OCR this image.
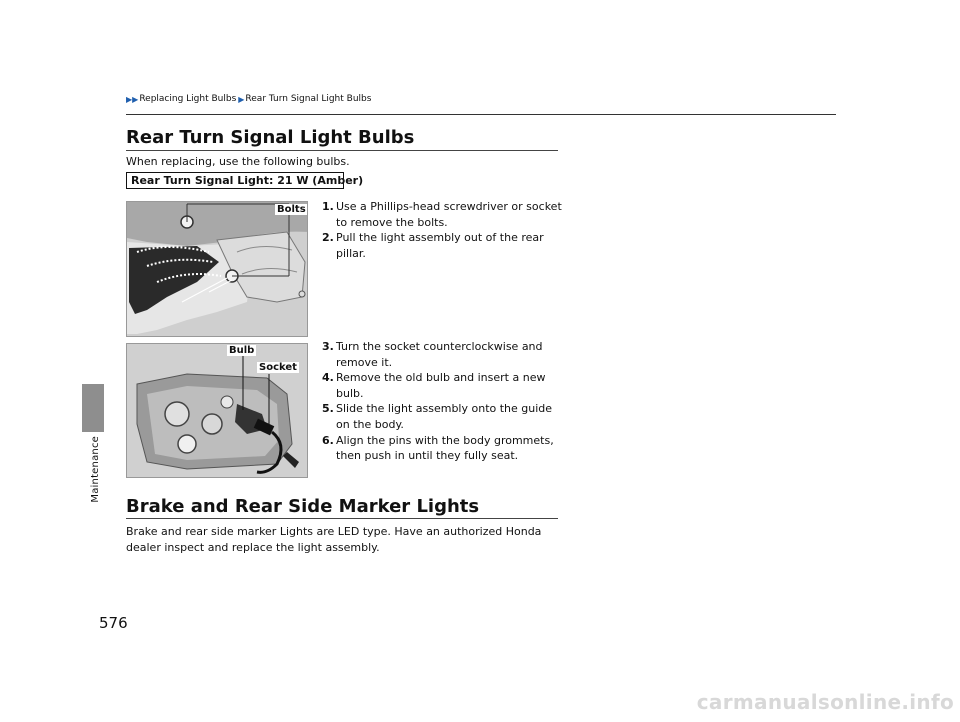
▶▶ Replacing Light Bulbs ▶ Rear Turn Signal Light Bulbs
Maintenance
576
Rear Turn Signal Light Bulbs
When replacing, use the following bulbs.
Rear Turn Signal Light: 21 W (Amber)
Bolts 1. Use a Phillips-head screwdriver or socket to remove the bolts.
2. Pull the light assembly out of the rear pillar.
Bulb
Socket
3. Turn the socket counterclockwise and remove it.
4. Remove the old bulb and insert a new bulb.
5. Slide the light assembly onto the guide on the body.
6. Align the pins with the body grommets, then push in until they fully seat.
Brake and Rear Side Marker Lights
Brake and rear side marker Lights are LED type. Have an authorized Honda dealer inspect and replace the light assembly.
carmanualsonline.info
